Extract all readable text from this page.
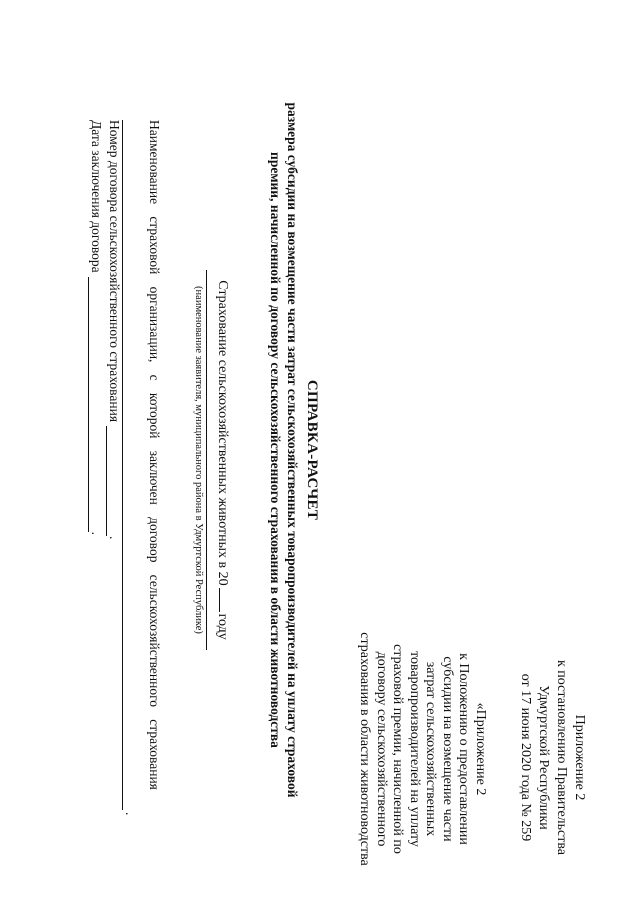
Приложение 2
к постановлению Правительства
Удмуртской Республики
от 17 июня 2020 года № 259
«Приложение 2
к Положению о предоставлении
субсидии на возмещение части
затрат сельскохозяйственных
товаропроизводителей на уплату
страховой премии, начисленной по
договору сельскохозяйственного
страхования в области животноводства
СПРАВКА-РАСЧЕТ
размера субсидии на возмещение части затрат сельскохозяйственных товаропроизводителей на уплату страховой
премии, начисленной по договору сельскохозяйственного страхования в области животноводства
Страхование сельскохозяйственных животных в 20году
(наименование заявителя, муниципального района в Удмуртской Республике)
Наименование
страховой
организации,
с
которой
заключен
договор
сельскохозяйственного
страхования
.
Номер договора сельскохозяйственного страхования
.
Дата заключения договора
.
